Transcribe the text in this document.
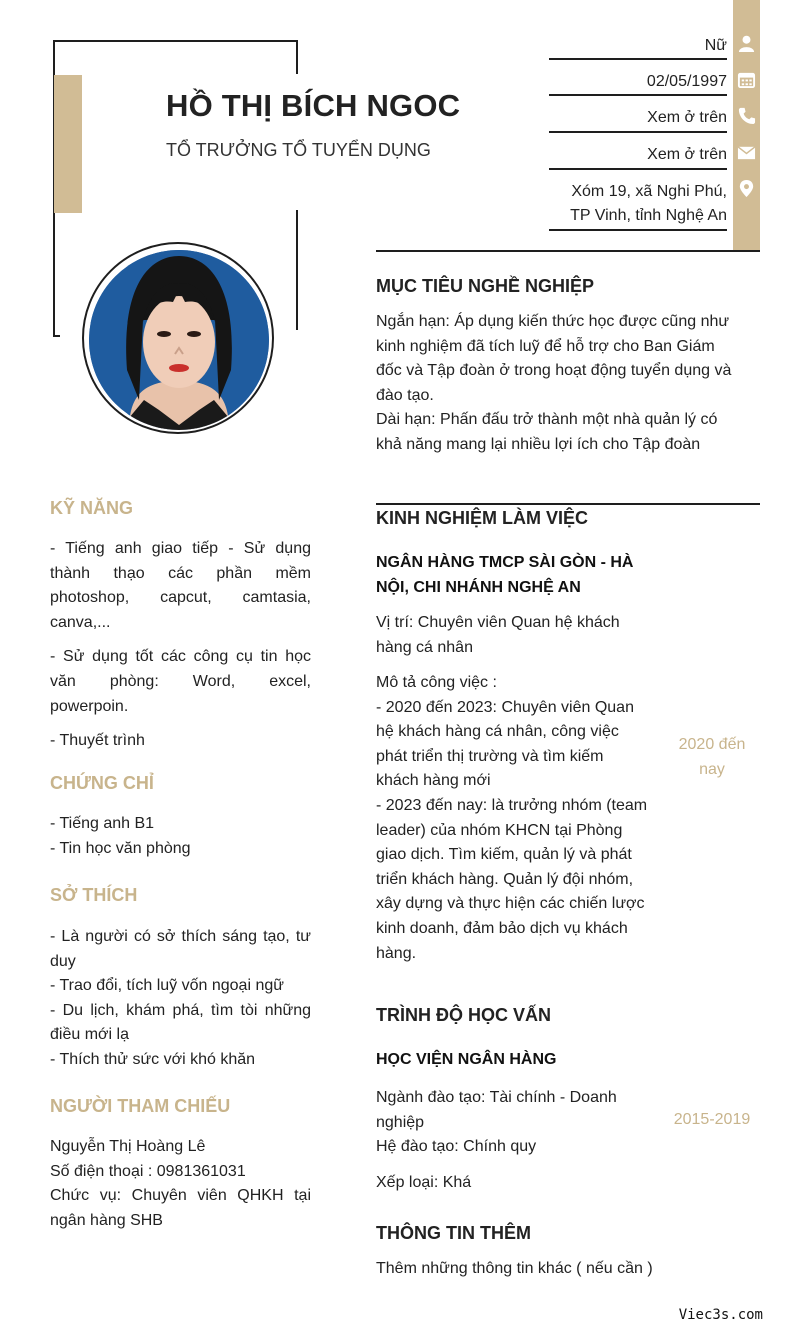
HỒ THỊ BÍCH NGOC
TỔ TRƯỞNG TỔ TUYỂN DỤNG
Nữ
02/05/1997
Xem ở trên
Xem ở trên
Xóm 19, xã Nghi Phú,
TP Vinh, tỉnh Nghệ An
MỤC TIÊU NGHỀ NGHIỆP
Ngắn hạn: Áp dụng kiến thức học được cũng như
kinh nghiệm đã tích luỹ để hỗ trợ cho Ban Giám
đốc và Tập đoàn ở trong hoạt động tuyển dụng và
đào tạo.
Dài hạn: Phấn đấu trở thành một nhà quản lý có
khả năng mang lại nhiều lợi ích cho Tập đoàn
KINH NGHIỆM LÀM VIỆC
NGÂN HÀNG TMCP SÀI GÒN - HÀ
NỘI, CHI NHÁNH NGHỆ AN
Vị trí: Chuyên viên Quan hệ khách
hàng cá nhân
Mô tả công việc :
- 2020 đến 2023: Chuyên viên Quan
hệ khách hàng cá nhân, công việc
phát triển thị trường và tìm kiếm
khách hàng mới
- 2023 đến nay: là trưởng nhóm (team
leader) của nhóm KHCN tại Phòng
giao dịch. Tìm kiếm, quản lý và phát
triển khách hàng. Quản lý đội nhóm,
xây dựng và thực hiện các chiến lược
kinh doanh, đảm bảo dịch vụ khách
hàng.
2020 đến
nay
TRÌNH ĐỘ HỌC VẤN
HỌC VIỆN NGÂN HÀNG
Ngành đào tạo: Tài chính - Doanh
nghiệp
Hệ đào tạo: Chính quy
Xếp loại: Khá
2015-2019
THÔNG TIN THÊM
Thêm những thông tin khác ( nếu cần )
KỸ NĂNG
- Tiếng anh giao tiếp - Sử dụng
thành thạo các phần mềm
photoshop, capcut, camtasia,
canva,...
- Sử dụng tốt các công cụ tin học
văn phòng: Word, excel,
powerpoin.
- Thuyết trình
CHỨNG CHỈ
- Tiếng anh B1
- Tin học văn phòng
SỞ THÍCH
- Là người có sở thích sáng tạo, tư
duy
- Trao đổi, tích luỹ vốn ngoại ngữ
- Du lịch, khám phá, tìm tòi những
điều mới lạ
- Thích thử sức với khó khăn
NGƯỜI THAM CHIẾU
Nguyễn Thị Hoàng Lê
Số điện thoại : 0981361031
Chức vụ: Chuyên viên QHKH tại
ngân hàng SHB
Viec3s.com
